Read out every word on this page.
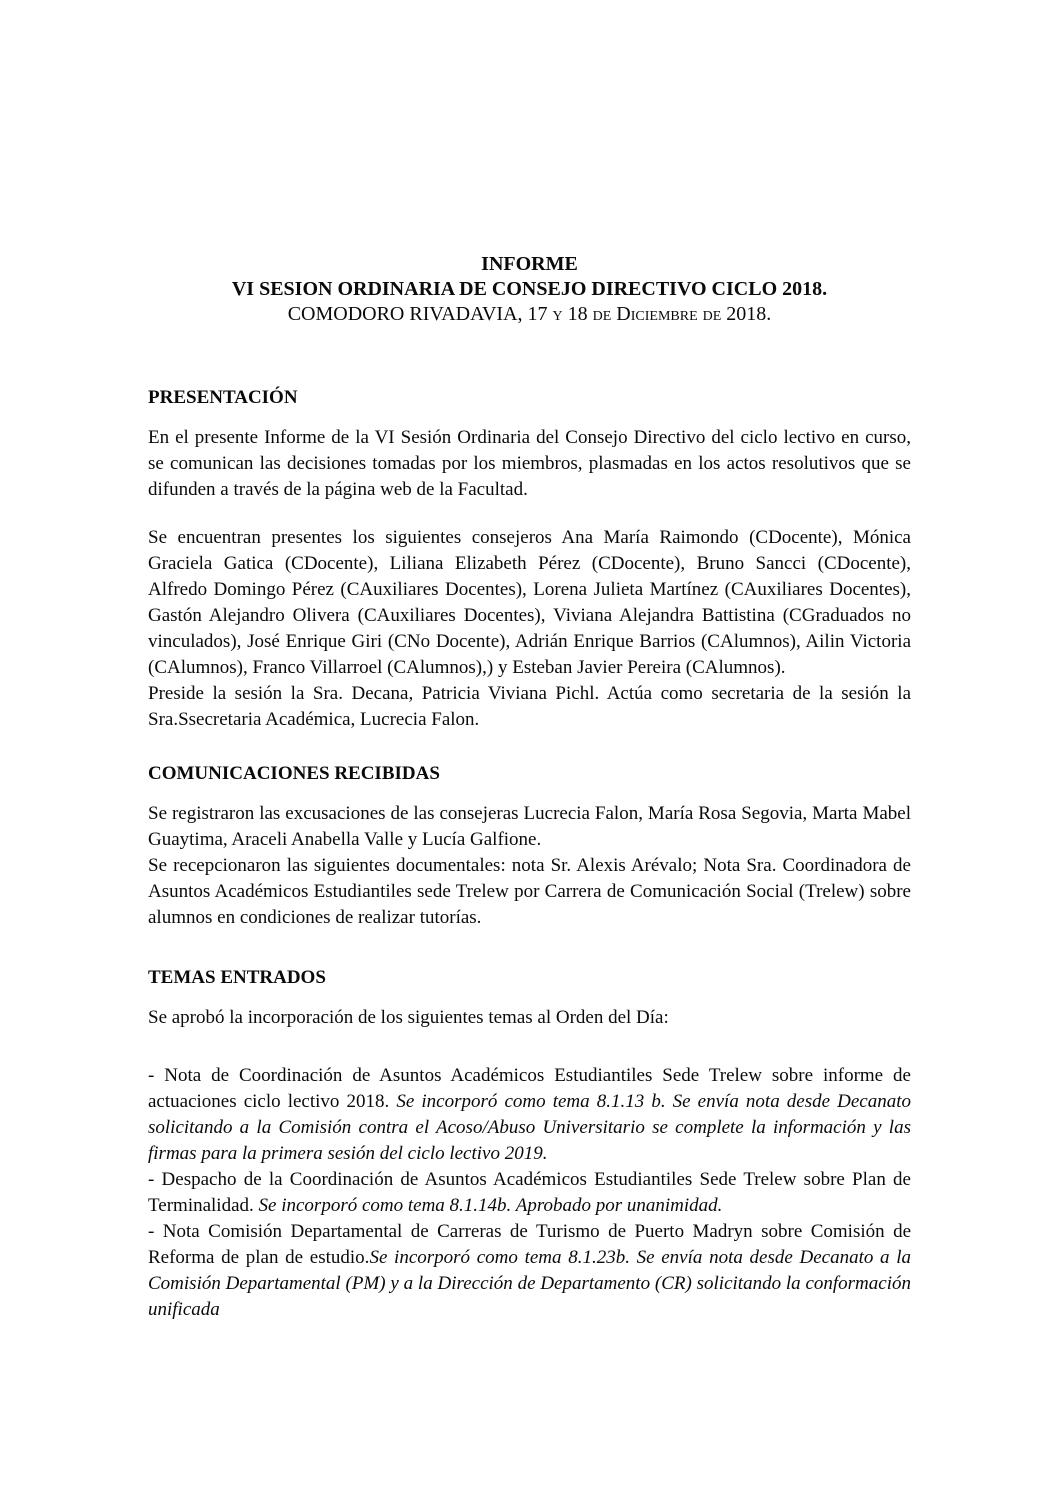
INFORME
VI SESION ORDINARIA DE CONSEJO DIRECTIVO CICLO 2018.
COMODORO RIVADAVIA, 17 y 18 de Diciembre de 2018.
PRESENTACIÓN

En el presente Informe de la VI Sesión Ordinaria del Consejo Directivo del ciclo lectivo en curso, se comunican las decisiones tomadas por los miembros, plasmadas en los actos resolutivos que se difunden a través de la página web de la Facultad.

Se encuentran presentes los siguientes consejeros Ana María Raimondo (CDocente), Mónica Graciela Gatica (CDocente), Liliana Elizabeth Pérez (CDocente), Bruno Sancci (CDocente), Alfredo Domingo Pérez (CAuxiliares Docentes), Lorena Julieta Martínez (CAuxiliares Docentes), Gastón Alejandro Olivera (CAuxiliares Docentes), Viviana Alejandra Battistina (CGraduados no vinculados), José Enrique Giri (CNo Docente), Adrián Enrique Barrios (CAlumnos), Ailin Victoria (CAlumnos), Franco Villarroel (CAlumnos),) y Esteban Javier Pereira (CAlumnos).

Preside la sesión la Sra. Decana, Patricia Viviana Pichl. Actúa como secretaria de la sesión la Sra.Ssecretaria Académica, Lucrecia Falon.

COMUNICACIONES RECIBIDAS

Se registraron las excusaciones de las consejeras Lucrecia Falon, María Rosa Segovia, Marta Mabel Guaytima, Araceli Anabella Valle y Lucía Galfione.

Se recepcionaron las siguientes documentales: nota Sr. Alexis Arévalo; Nota Sra. Coordinadora de Asuntos Académicos Estudiantiles sede Trelew por Carrera de Comunicación Social (Trelew) sobre alumnos en condiciones de realizar tutorías.

TEMAS ENTRADOS

Se aprobó la incorporación de los siguientes temas al Orden del Día:

- Nota de Coordinación de Asuntos Académicos Estudiantiles Sede Trelew sobre informe de actuaciones ciclo lectivo 2018. Se incorporó como tema 8.1.13 b. Se envía nota desde Decanato solicitando a la Comisión contra el Acoso/Abuso Universitario se complete la información y las firmas para la primera sesión del ciclo lectivo 2019.

- Despacho de la Coordinación de Asuntos Académicos Estudiantiles Sede Trelew sobre Plan de Terminalidad. Se incorporó como tema 8.1.14b. Aprobado por unanimidad.

- Nota Comisión Departamental de Carreras de Turismo de Puerto Madryn sobre Comisión de Reforma de plan de estudio.Se incorporó como tema 8.1.23b. Se envía nota desde Decanato a la Comisión Departamental (PM) y a la Dirección de Departamento (CR) solicitando la conformación unificada
